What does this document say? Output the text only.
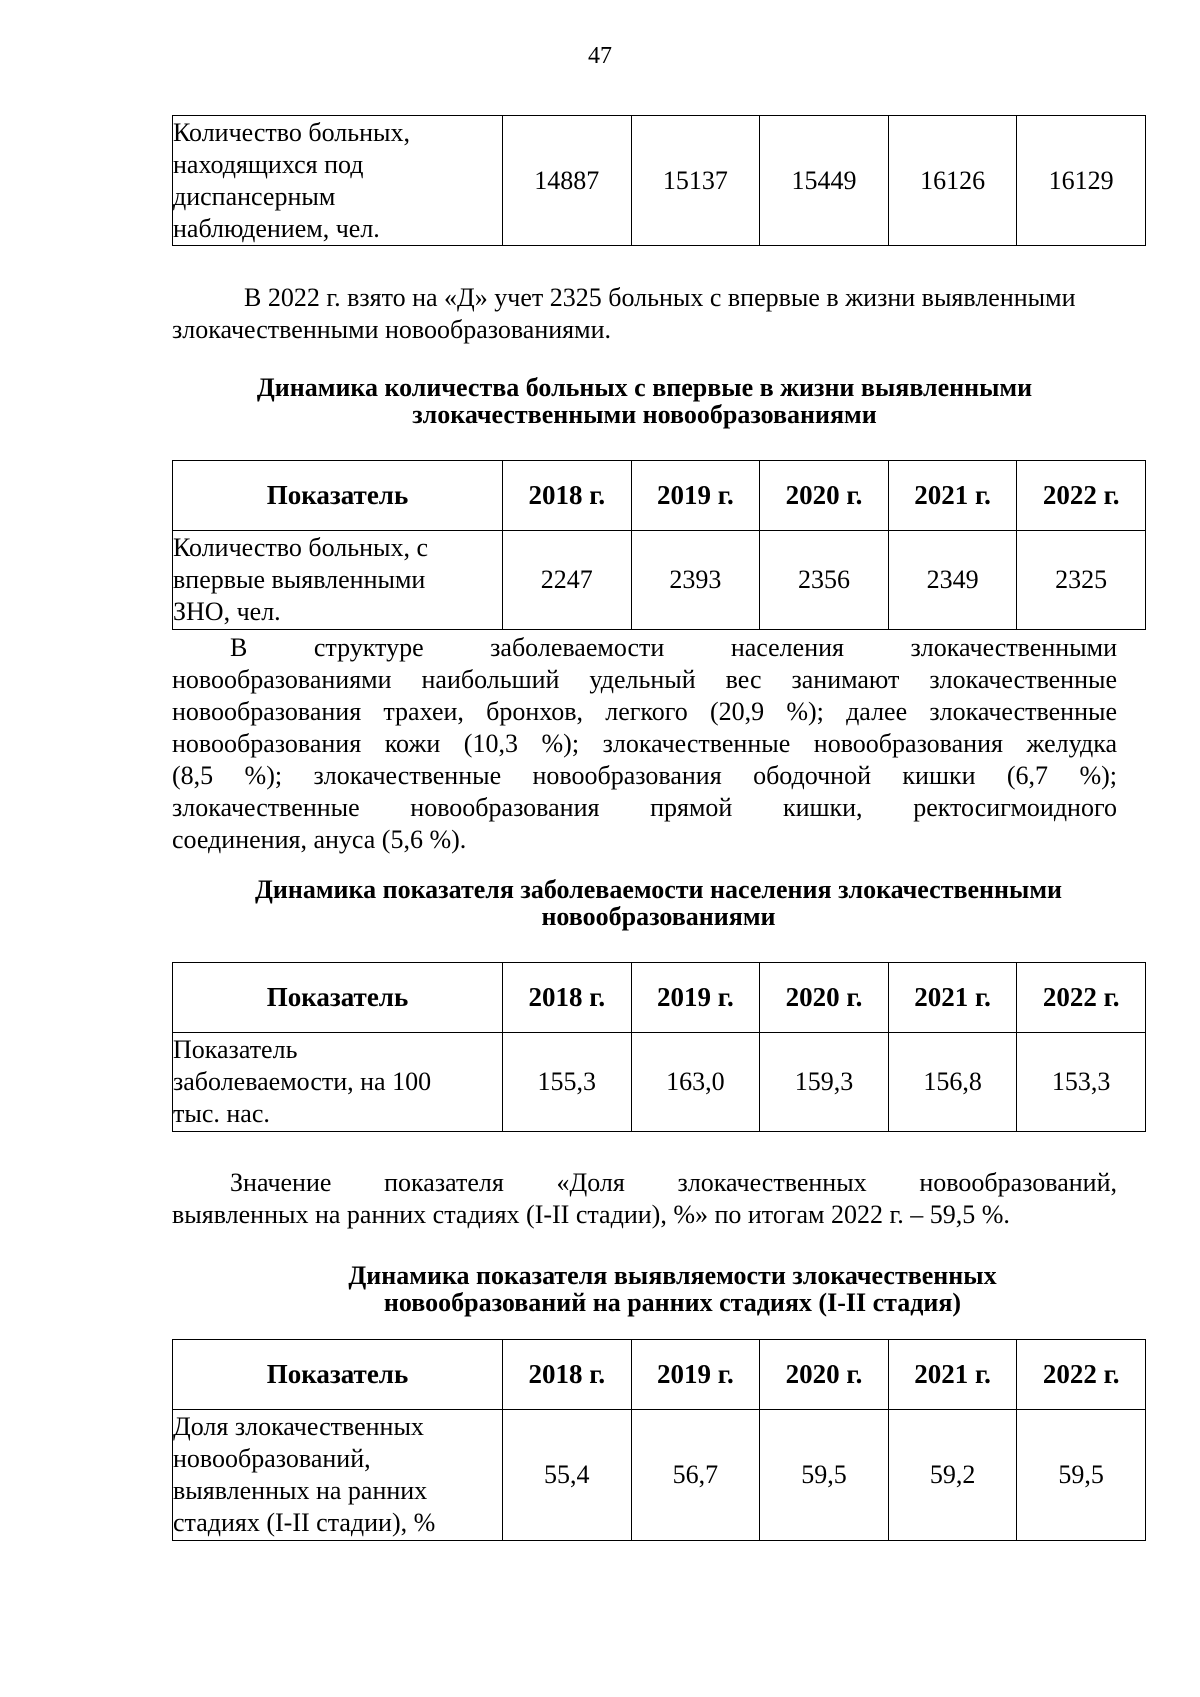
47
Количество больных,
находящихся под
диспансерным
наблюдением, чел.
	14887	15137	15449	16126	16129
В 2022 г. взято на «Д» учет 2325 больных с впервые в жизни выявленными
злокачественными новообразованиями.
Динамика количества больных с впервые в жизни выявленными
злокачественными новообразованиями
Показатель	2018 г.	2019 г.	2020 г.	2021 г.	2022 г.

Количество больных, с
впервые выявленными
ЗНО, чел.	2247	2393	2356	2349	2325
В структуре заболеваемости населения злокачественными
новообразованиями наибольший удельный вес занимают злокачественные
новообразования трахеи, бронхов, легкого (20,9 %); далее злокачественные
новообразования кожи (10,3 %); злокачественные новообразования желудка
(8,5 %); злокачественные новообразования ободочной кишки (6,7 %);
злокачественные новообразования прямой кишки, ректосигмоидного
соединения, ануса (5,6 %).
Динамика показателя заболеваемости населения злокачественными
новообразованиями
Показатель	2018 г.	2019 г.	2020 г.	2021 г.	2022 г.

Показатель
заболеваемости, на 100
тыс. нас.	155,3	163,0	159,3	156,8	153,3
Значение показателя «Доля злокачественных новообразований,
выявленных на ранних стадиях (I-II стадии), %» по итогам 2022 г. – 59,5 %.
Динамика показателя выявляемости злокачественных
новообразований на ранних стадиях (I-II стадия)
Показатель	2018 г.	2019 г.	2020 г.	2021 г.	2022 г.

Доля злокачественных
новообразований,
выявленных на ранних
стадиях (I-II стадии), %	55,4	56,7	59,5	59,2	59,5
